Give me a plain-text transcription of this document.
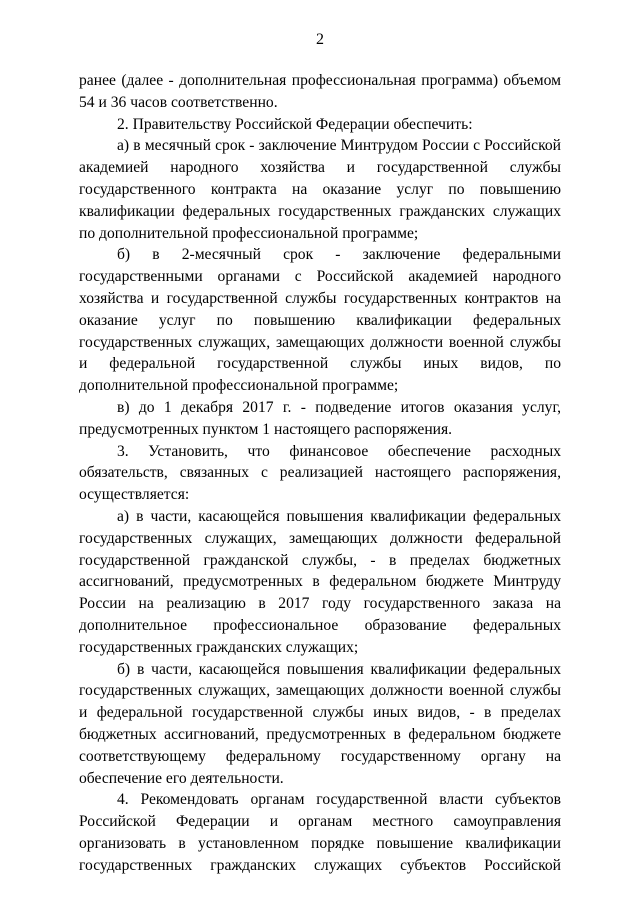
2

ранее (далее - дополнительная профессиональная программа) объемом 54 и 36 часов соответственно.

2. Правительству Российской Федерации обеспечить:

а) в месячный срок - заключение Минтрудом России с Российской академией народного хозяйства и государственной службы государственного контракта на оказание услуг по повышению квалификации федеральных государственных гражданских служащих по дополнительной профессиональной программе;

б) в 2-месячный срок - заключение федеральными государственными органами с Российской академией народного хозяйства и государственной службы государственных контрактов на оказание услуг по повышению квалификации федеральных государственных служащих, замещающих должности военной службы и федеральной государственной службы иных видов, по дополнительной профессиональной программе;

в) до 1 декабря 2017 г. - подведение итогов оказания услуг, предусмотренных пунктом 1 настоящего распоряжения.

3. Установить, что финансовое обеспечение расходных обязательств, связанных с реализацией настоящего распоряжения, осуществляется:

а) в части, касающейся повышения квалификации федеральных государственных служащих, замещающих должности федеральной государственной гражданской службы, - в пределах бюджетных ассигнований, предусмотренных в федеральном бюджете Минтруду России на реализацию в 2017 году государственного заказа на дополнительное профессиональное образование федеральных государственных гражданских служащих;

б) в части, касающейся повышения квалификации федеральных государственных служащих, замещающих должности военной службы и федеральной государственной службы иных видов, - в пределах бюджетных ассигнований, предусмотренных в федеральном бюджете соответствующему федеральному государственному органу на обеспечение его деятельности.

4. Рекомендовать органам государственной власти субъектов Российской Федерации и органам местного самоуправления организовать в установленном порядке повышение квалификации государственных гражданских служащих субъектов Российской
